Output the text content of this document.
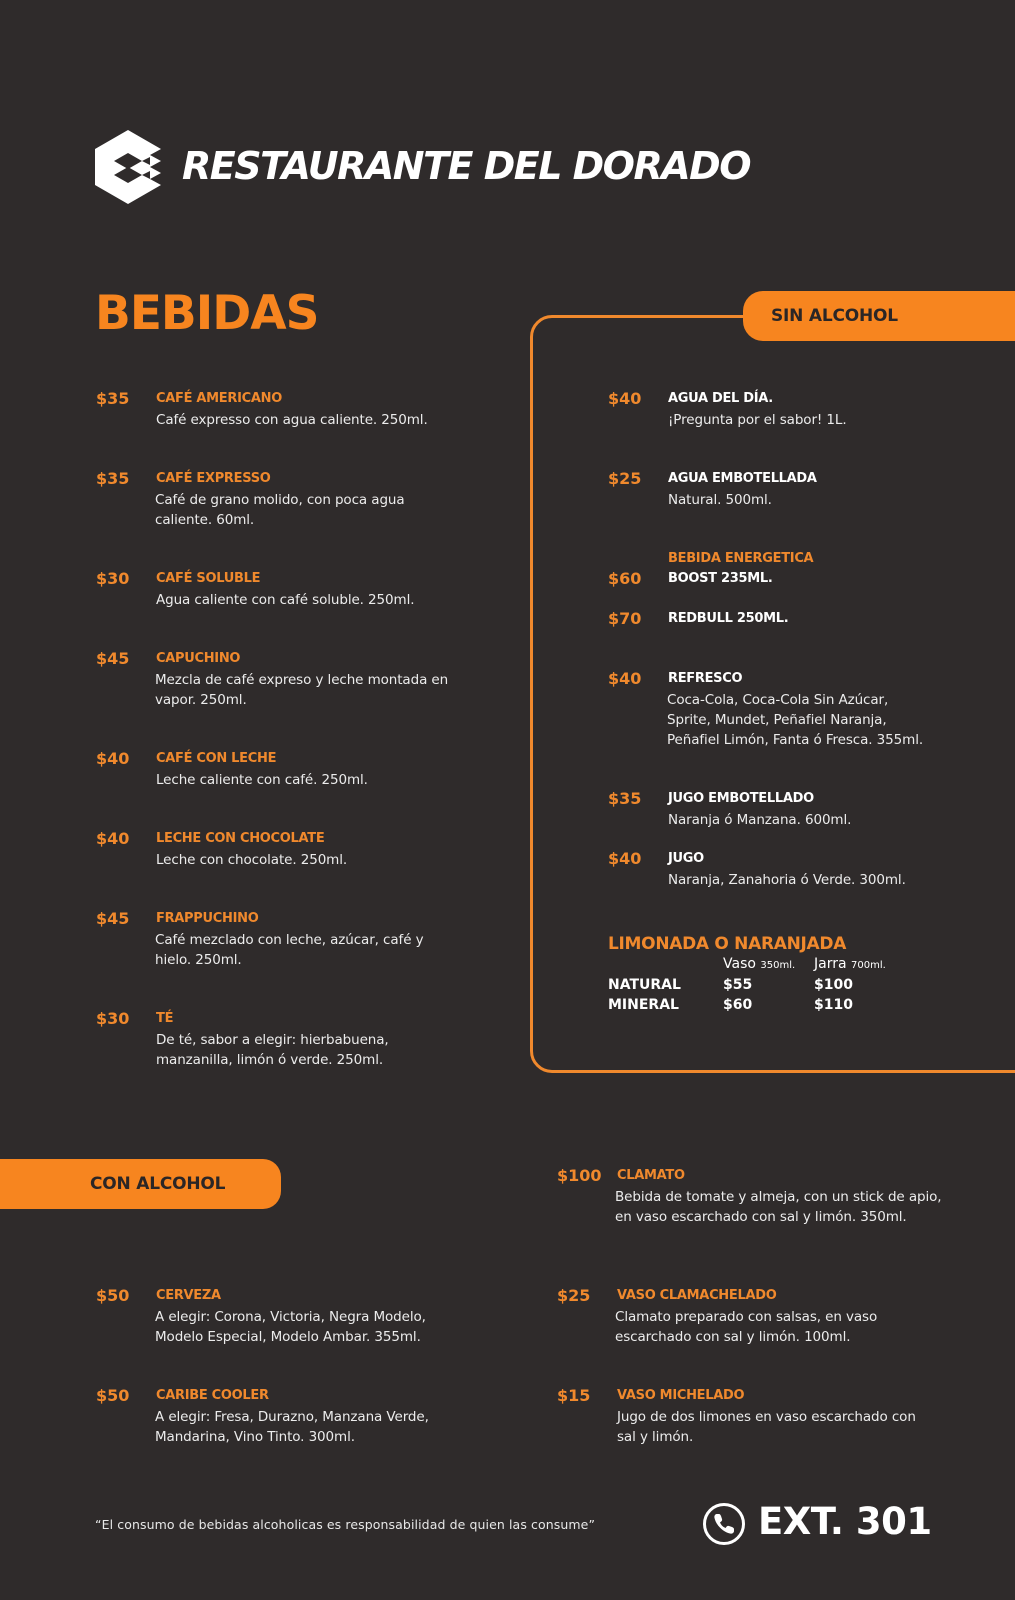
RESTAURANTE DEL DORADO
BEBIDAS
$35 CAFÉ AMERICANO
Café expresso con agua caliente. 250ml.
$35 CAFÉ EXPRESSO
Café de grano molido, con poca agua caliente. 60ml.
$30 CAFÉ SOLUBLE
Agua caliente con café soluble. 250ml.
$45 CAPUCHINO
Mezcla de café expreso y leche montada en vapor. 250ml.
$40 CAFÉ CON LECHE
Leche caliente con café. 250ml.
$40 LECHE CON CHOCOLATE
Leche con chocolate. 250ml.
$45 FRAPPUCHINO
Café mezclado con leche, azúcar, café y hielo. 250ml.
$30 TÉ
De té, sabor a elegir: hierbabuena, manzanilla, limón ó verde. 250ml.
SIN ALCOHOL
$40 AGUA DEL DÍA.
¡Pregunta por el sabor! 1L.
$25 AGUA EMBOTELLADA
Natural. 500ml.
BEBIDA ENERGETICA
$60 BOOST 235ML.
$70 REDBULL 250ML.
$40 REFRESCO
Coca-Cola, Coca-Cola Sin Azúcar, Sprite, Mundet, Peñafiel Naranja, Peñafiel Limón, Fanta ó Fresca. 355ml.
$35 JUGO EMBOTELLADO
Naranja ó Manzana. 600ml.
$40 JUGO
Naranja, Zanahoria ó Verde. 300ml.
LIMONADA O NARANJADA
Vaso 350ml. Jarra 700ml.
NATURAL	$55	$100
MINERAL	$60	$110
CON ALCOHOL
$50 CERVEZA
A elegir: Corona, Victoria, Negra Modelo, Modelo Especial, Modelo Ambar. 355ml.
$50 CARIBE COOLER
A elegir: Fresa, Durazno, Manzana Verde, Mandarina, Vino Tinto. 300ml.
$100 CLAMATO
Bebida de tomate y almeja, con un stick de apio, en vaso escarchado con sal y limón. 350ml.
$25 VASO CLAMACHELADO
Clamato preparado con salsas, en vaso escarchado con sal y limón. 100ml.
$15 VASO MICHELADO
Jugo de dos limones en vaso escarchado con sal y limón.
“El consumo de bebidas alcoholicas es responsabilidad de quien las consume”	EXT. 301
